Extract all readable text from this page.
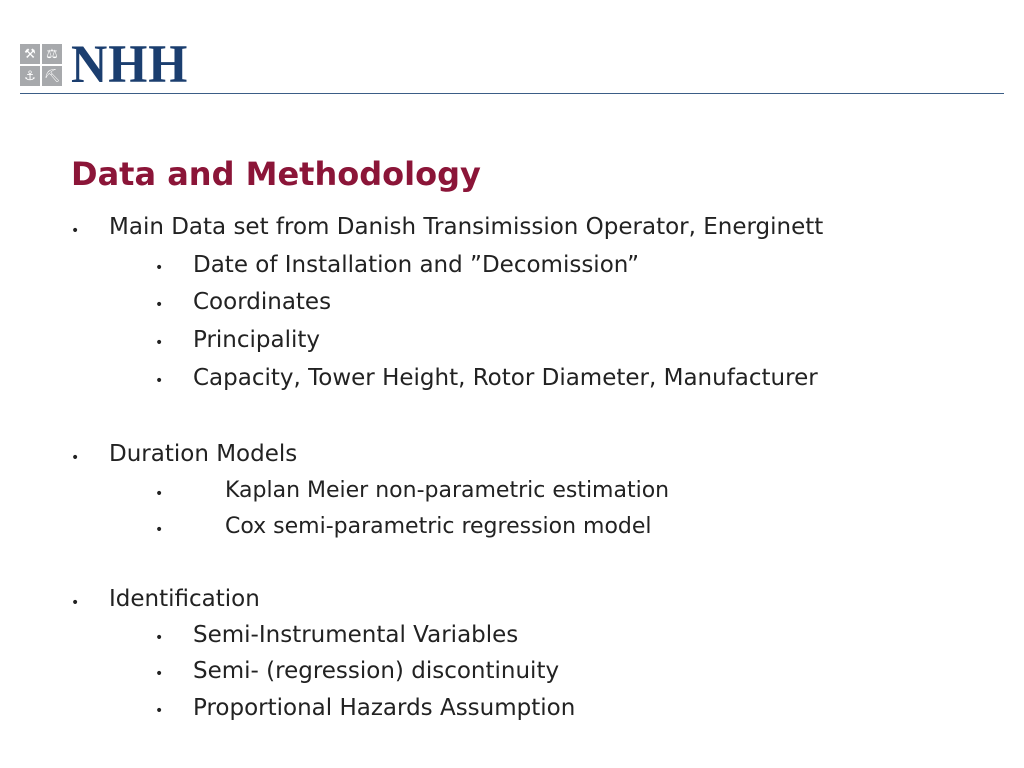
⚒ ⚖
⚓ ⛏ NHH
Data and Methodology
• Main Data set from Danish Transimission Operator, Energinett
• Date of Installation and ”Decomission”
• Coordinates
• Principality
• Capacity, Tower Height, Rotor Diameter, Manufacturer
• Duration Models
•	Kaplan Meier non-parametric estimation
•	Cox semi-parametric regression model
• Identification
• Semi-Instrumental Variables
• Semi- (regression) discontinuity
• Proportional Hazards Assumption
